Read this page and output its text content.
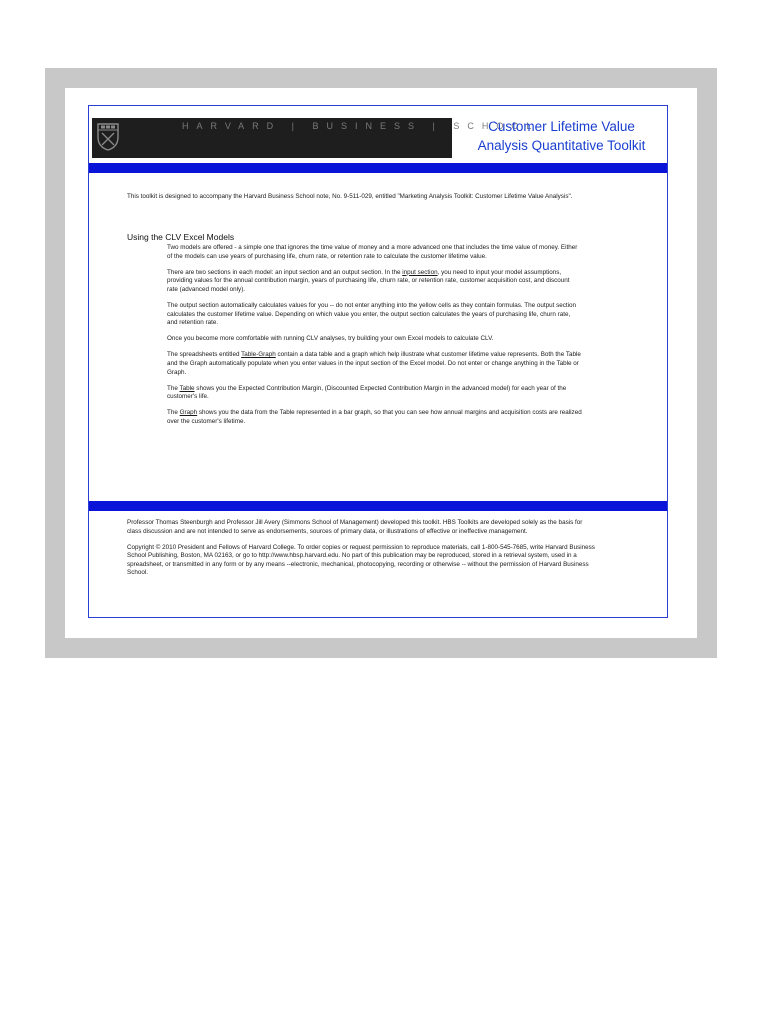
HARVARD | BUSINESS | SCHOOL
Customer Lifetime Value
Analysis Quantitative Toolkit
This toolkit is designed to accompany the Harvard Business School note, No. 9-511-029, entitled "Marketing Analysis Toolkit: Customer Lifetime Value Analysis".
Using the CLV Excel Models

Two models are offered - a simple one that ignores the time value of money and a more advanced one that includes the time value of money. Either of the models can use years of purchasing life, churn rate, or retention rate to calculate the customer lifetime value.

There are two sections in each model: an input section and an output section. In the input section, you need to input your model assumptions, providing values for the annual contribution margin, years of purchasing life, churn rate, or retention rate, customer acquisition cost, and discount rate (advanced model only).

The output section automatically calculates values for you -- do not enter anything into the yellow cells as they contain formulas. The output section calculates the customer lifetime value. Depending on which value you enter, the output section calculates the years of purchasing life, churn rate, and retention rate.

Once you become more comfortable with running CLV analyses, try building your own Excel models to calculate CLV.

The spreadsheets entitled Table-Graph contain a data table and a graph which help illustrate what customer lifetime value represents. Both the Table and the Graph automatically populate when you enter values in the input section of the Excel model. Do not enter or change anything in the Table or Graph.

The Table shows you the Expected Contribution Margin, (Discounted Expected Contribution Margin in the advanced model) for each year of the customer's life.

The Graph shows you the data from the Table represented in a bar graph, so that you can see how annual margins and acquisition costs are realized over the customer's lifetime.

Professor Thomas Steenburgh and Professor Jill Avery (Simmons School of Management) developed this toolkit. HBS Toolkits are developed solely as the basis for class discussion and are not intended to serve as endorsements, sources of primary data, or illustrations of effective or ineffective management.

Copyright © 2010 President and Fellows of Harvard College. To order copies or request permission to reproduce materials, call 1-800-545-7685, write Harvard Business School Publishing, Boston, MA 02163, or go to http://www.hbsp.harvard.edu. No part of this publication may be reproduced, stored in a retrieval system, used in a spreadsheet, or transmitted in any form or by any means --electronic, mechanical, photocopying, recording or otherwise -- without the permission of Harvard Business School.
